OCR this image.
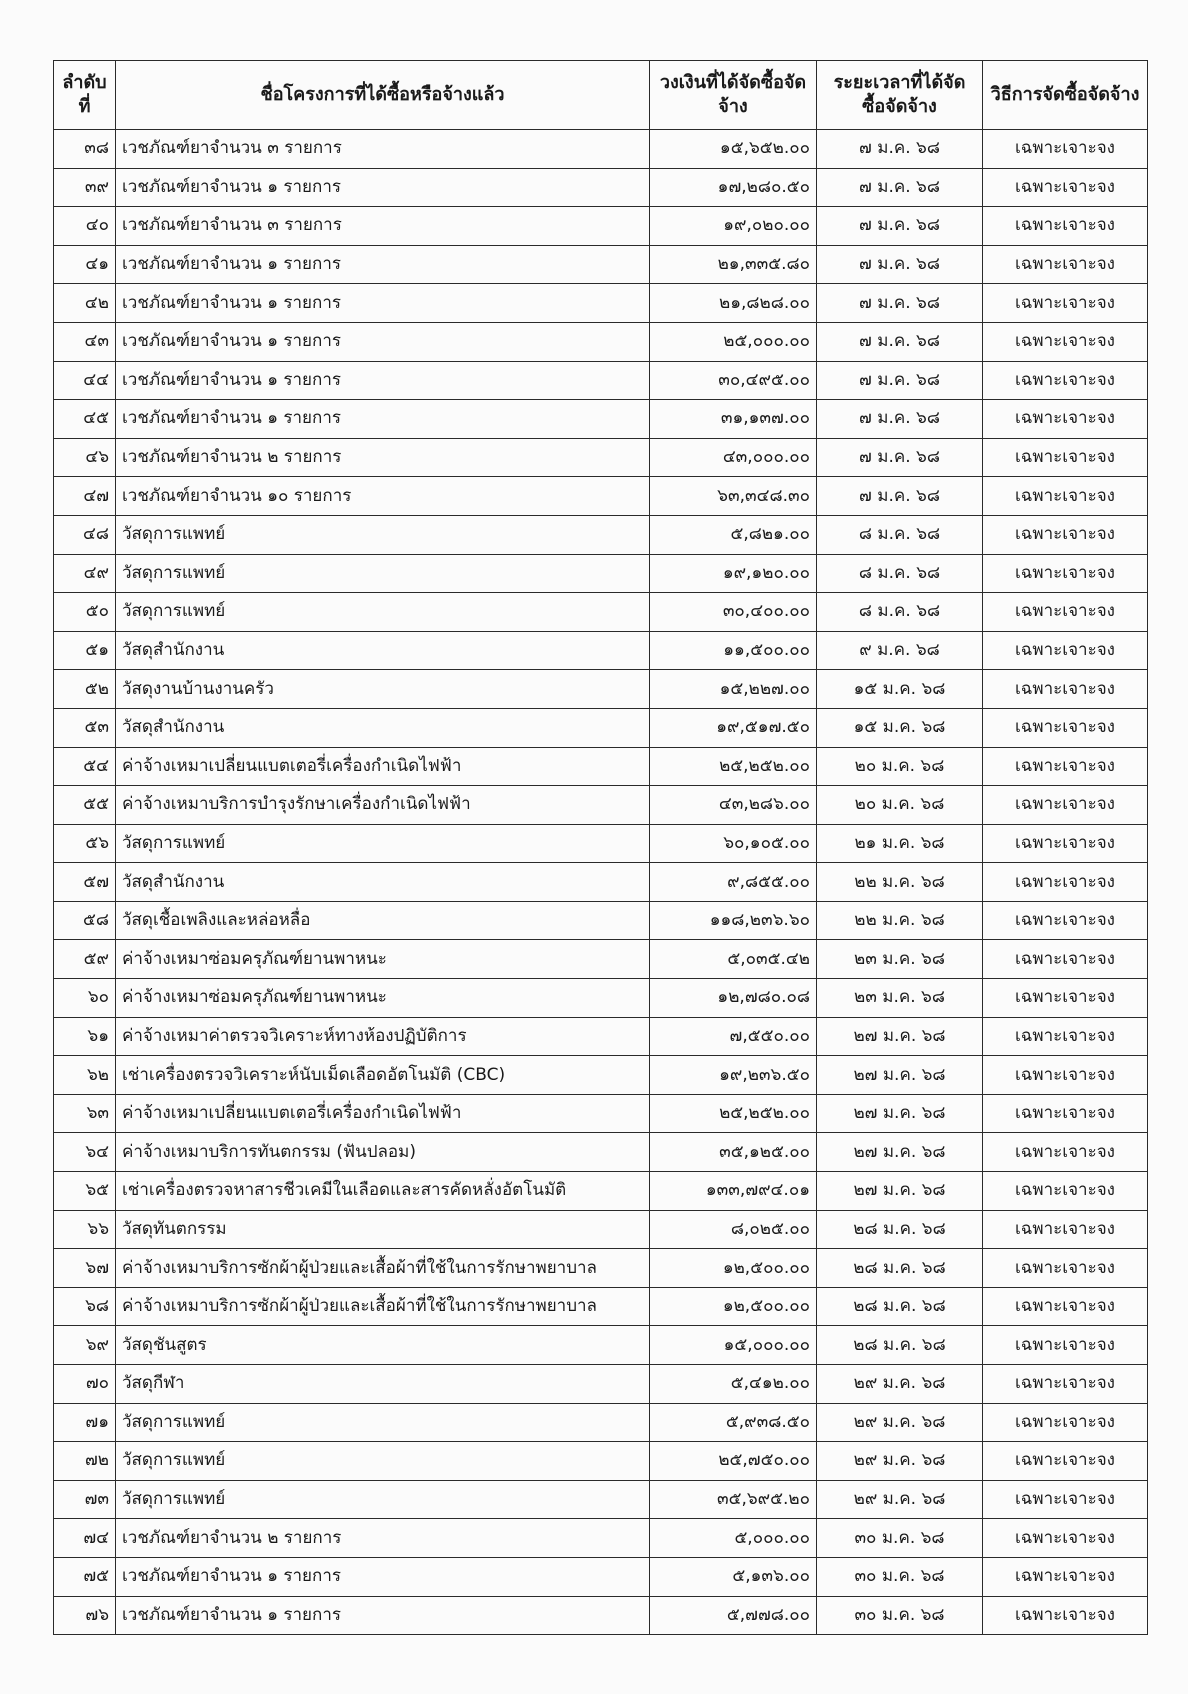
ลำดับที่	ชื่อโครงการที่ได้ซื้อหรือจ้างแล้ว	วงเงินที่ได้จัดซื้อจัดจ้าง	ระยะเวลาที่ได้จัดซื้อจัดจ้าง	วิธีการจัดซื้อจัดจ้าง
๓๘	เวชภัณฑ์ยาจำนวน ๓ รายการ	๑๕,๖๕๒.๐๐	๗ ม.ค. ๖๘	เฉพาะเจาะจง
๓๙	เวชภัณฑ์ยาจำนวน ๑ รายการ	๑๗,๒๘๐.๕๐	๗ ม.ค. ๖๘	เฉพาะเจาะจง
๔๐	เวชภัณฑ์ยาจำนวน ๓ รายการ	๑๙,๐๒๐.๐๐	๗ ม.ค. ๖๘	เฉพาะเจาะจง
๔๑	เวชภัณฑ์ยาจำนวน ๑ รายการ	๒๑,๓๓๕.๘๐	๗ ม.ค. ๖๘	เฉพาะเจาะจง
๔๒	เวชภัณฑ์ยาจำนวน ๑ รายการ	๒๑,๘๒๘.๐๐	๗ ม.ค. ๖๘	เฉพาะเจาะจง
๔๓	เวชภัณฑ์ยาจำนวน ๑ รายการ	๒๕,๐๐๐.๐๐	๗ ม.ค. ๖๘	เฉพาะเจาะจง
๔๔	เวชภัณฑ์ยาจำนวน ๑ รายการ	๓๐,๔๙๕.๐๐	๗ ม.ค. ๖๘	เฉพาะเจาะจง
๔๕	เวชภัณฑ์ยาจำนวน ๑ รายการ	๓๑,๑๓๗.๐๐	๗ ม.ค. ๖๘	เฉพาะเจาะจง
๔๖	เวชภัณฑ์ยาจำนวน ๒ รายการ	๔๓,๐๐๐.๐๐	๗ ม.ค. ๖๘	เฉพาะเจาะจง
๔๗	เวชภัณฑ์ยาจำนวน ๑๐ รายการ	๖๓,๓๔๘.๓๐	๗ ม.ค. ๖๘	เฉพาะเจาะจง
๔๘	วัสดุการแพทย์	๕,๘๒๑.๐๐	๘ ม.ค. ๖๘	เฉพาะเจาะจง
๔๙	วัสดุการแพทย์	๑๙,๑๒๐.๐๐	๘ ม.ค. ๖๘	เฉพาะเจาะจง
๕๐	วัสดุการแพทย์	๓๐,๔๐๐.๐๐	๘ ม.ค. ๖๘	เฉพาะเจาะจง
๕๑	วัสดุสำนักงาน	๑๑,๕๐๐.๐๐	๙ ม.ค. ๖๘	เฉพาะเจาะจง
๕๒	วัสดุงานบ้านงานครัว	๑๕,๒๒๗.๐๐	๑๕ ม.ค. ๖๘	เฉพาะเจาะจง
๕๓	วัสดุสำนักงาน	๑๙,๕๑๗.๕๐	๑๕ ม.ค. ๖๘	เฉพาะเจาะจง
๕๔	ค่าจ้างเหมาเปลี่ยนแบตเตอรี่เครื่องกำเนิดไฟฟ้า	๒๕,๒๕๒.๐๐	๒๐ ม.ค. ๖๘	เฉพาะเจาะจง
๕๕	ค่าจ้างเหมาบริการบำรุงรักษาเครื่องกำเนิดไฟฟ้า	๔๓,๒๘๖.๐๐	๒๐ ม.ค. ๖๘	เฉพาะเจาะจง
๕๖	วัสดุการแพทย์	๖๐,๑๐๕.๐๐	๒๑ ม.ค. ๖๘	เฉพาะเจาะจง
๕๗	วัสดุสำนักงาน	๙,๘๕๕.๐๐	๒๒ ม.ค. ๖๘	เฉพาะเจาะจง
๕๘	วัสดุเชื้อเพลิงและหล่อหลื่อ	๑๑๘,๒๓๖.๖๐	๒๒ ม.ค. ๖๘	เฉพาะเจาะจง
๕๙	ค่าจ้างเหมาซ่อมครุภัณฑ์ยานพาหนะ	๕,๐๓๕.๔๒	๒๓ ม.ค. ๖๘	เฉพาะเจาะจง
๖๐	ค่าจ้างเหมาซ่อมครุภัณฑ์ยานพาหนะ	๑๒,๗๘๐.๐๘	๒๓ ม.ค. ๖๘	เฉพาะเจาะจง
๖๑	ค่าจ้างเหมาค่าตรวจวิเคราะห์ทางห้องปฏิบัติการ	๗,๕๕๐.๐๐	๒๗ ม.ค. ๖๘	เฉพาะเจาะจง
๖๒	เช่าเครื่องตรวจวิเคราะห์นับเม็ดเลือดอัตโนมัติ (CBC)	๑๙,๒๓๖.๕๐	๒๗ ม.ค. ๖๘	เฉพาะเจาะจง
๖๓	ค่าจ้างเหมาเปลี่ยนแบตเตอรี่เครื่องกำเนิดไฟฟ้า	๒๕,๒๕๒.๐๐	๒๗ ม.ค. ๖๘	เฉพาะเจาะจง
๖๔	ค่าจ้างเหมาบริการทันตกรรม (ฟันปลอม)	๓๕,๑๒๕.๐๐	๒๗ ม.ค. ๖๘	เฉพาะเจาะจง
๖๕	เช่าเครื่องตรวจหาสารชีวเคมีในเลือดและสารคัดหลั่งอัตโนมัติ	๑๓๓,๗๙๔.๐๑	๒๗ ม.ค. ๖๘	เฉพาะเจาะจง
๖๖	วัสดุทันตกรรม	๘,๐๒๕.๐๐	๒๘ ม.ค. ๖๘	เฉพาะเจาะจง
๖๗	ค่าจ้างเหมาบริการซักผ้าผู้ป่วยและเสื้อผ้าที่ใช้ในการรักษาพยาบาล	๑๒,๕๐๐.๐๐	๒๘ ม.ค. ๖๘	เฉพาะเจาะจง
๖๘	ค่าจ้างเหมาบริการซักผ้าผู้ป่วยและเสื้อผ้าที่ใช้ในการรักษาพยาบาล	๑๒,๕๐๐.๐๐	๒๘ ม.ค. ๖๘	เฉพาะเจาะจง
๖๙	วัสดุชันสูตร	๑๕,๐๐๐.๐๐	๒๘ ม.ค. ๖๘	เฉพาะเจาะจง
๗๐	วัสดุกีฬา	๕,๔๑๒.๐๐	๒๙ ม.ค. ๖๘	เฉพาะเจาะจง
๗๑	วัสดุการแพทย์	๕,๙๓๘.๕๐	๒๙ ม.ค. ๖๘	เฉพาะเจาะจง
๗๒	วัสดุการแพทย์	๒๕,๗๕๐.๐๐	๒๙ ม.ค. ๖๘	เฉพาะเจาะจง
๗๓	วัสดุการแพทย์	๓๕,๖๙๕.๒๐	๒๙ ม.ค. ๖๘	เฉพาะเจาะจง
๗๔	เวชภัณฑ์ยาจำนวน ๒ รายการ	๕,๐๐๐.๐๐	๓๐ ม.ค. ๖๘	เฉพาะเจาะจง
๗๕	เวชภัณฑ์ยาจำนวน ๑ รายการ	๕,๑๓๖.๐๐	๓๐ ม.ค. ๖๘	เฉพาะเจาะจง
๗๖	เวชภัณฑ์ยาจำนวน ๑ รายการ	๕,๗๗๘.๐๐	๓๐ ม.ค. ๖๘	เฉพาะเจาะจง
